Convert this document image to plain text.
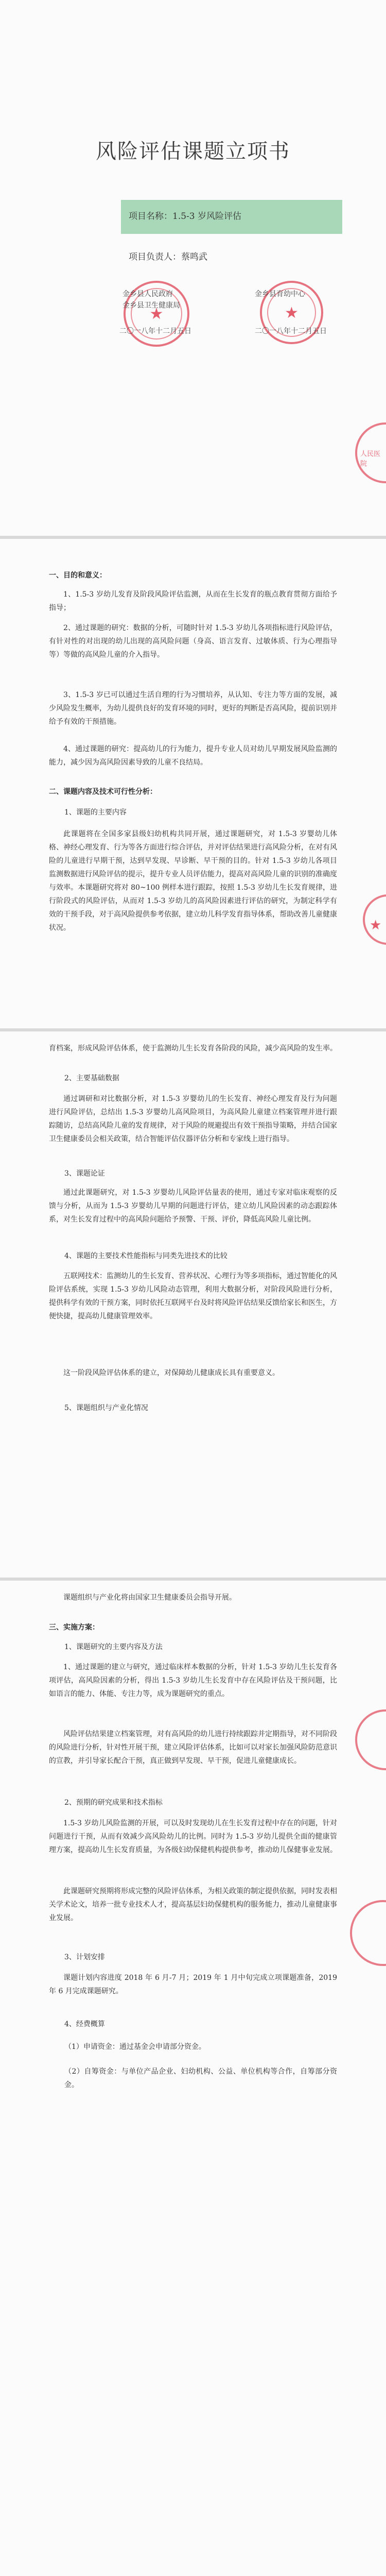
风险评估课题立项书
项目名称：1.5-3 岁风险评估
项目负责人：蔡鸣武
★
金乡县人民政府
金乡县卫生健康局
二〇一八年十二月五日
★
金乡县育幼中心
二〇一八年十二月五日
人民医院
一、目的和意义：

1、1.5-3 岁幼儿发育及阶段风险评估监测，从而在生长发育的瓶点教育贯彻方面给予指导；

2、通过课题的研究：数据的分析，可随时针对 1.5-3 岁幼儿各项指标进行风险评估，有针对性的对出现的幼儿出现的高风险问题（身高、语言发育、过敏体质、行为心理指导等）等做的高风险儿童的介入指导。

3、1.5-3 岁已可以通过生活自理的行为习惯培养，从认知、专注力等方面的发展，减少风险发生概率，为幼儿提供良好的发育环境的同时，更好的判断是否高风险，提前识别并给予有效的干预措施。

4、通过课题的研究：提高幼儿的行为能力，提升专业人员对幼儿早期发展风险监测的能力，减少因为高风险因素导致的儿童不良结局。

二、课题内容及技术可行性分析：
1、课题的主要内容

此课题将在全国多家县级妇幼机构共同开展，通过课题研究，对 1.5-3 岁婴幼儿体格、神经心理发育、行为等各方面进行综合评估，并对评估结果进行高风险分析，在对有风险的儿童进行早期干预，达到早发现、早诊断、早干预的目的。针对 1.5-3 岁幼儿各项目监测数据进行风险评估的提示，提升专业人员评估能力，提高对高风险儿童的识别的准确度与效率。本课题研究将对 80~100 例样本进行跟踪，按照 1.5-3 岁幼儿生长发育规律，进行阶段式的风险评估，从而对 1.5-3 岁幼儿的高风险因素进行评估的研究，为制定科学有效的干预手段，对于高风险提供参考依据，建立幼儿科学发育指导体系，帮助改善儿童健康状况。	★

育档案，形成风险评估体系，使于监测幼儿生长发育各阶段的风险，减少高风险的发生率。

2、主要基础数据

通过调研和对比数据分析，对 1.5-3 岁婴幼儿的生长发育、神经心理发育及行为问题进行风险评估，总结出 1.5-3 岁婴幼儿高风险项目，为高风险儿童建立档案管理并进行跟踪随访，总结高风险儿童的发育规律，对于风险的规避提出有效干预指导策略，并结合国家卫生健康委员会相关政策，结合智能评估仪器评估分析和专家线上进行指导。

3、课题论证

通过此课题研究，对 1.5-3 岁婴幼儿风险评估量表的使用，通过专家对临床观察的反馈与分析，从而为 1.5-3 岁婴幼儿早期的问题进行评估，建立幼儿风险因素的动态跟踪体系，对生长发育过程中的高风险问题给予预警、干预、评价，降低高风险儿童比例。

4、课题的主要技术性能指标与同类先进技术的比较

五联网技术：监测幼儿的生长发育、营养状况、心理行为等多项指标，通过智能化的风险评估系统，实现 1.5-3 岁幼儿风险动态管理，利用大数据分析，对阶段风险进行分析，提供科学有效的干预方案，同时依托互联网平台及时将风险评估结果反馈给家长和医生，方便快捷，提高幼儿健康管理效率。

这一阶段风险评估体系的建立，对保障幼儿健康成长具有重要意义。

5、课题组织与产业化情况

课题组织与产业化将由国家卫生健康委员会指导开展。

三、实施方案：
1、课题研究的主要内容及方法

1、通过课题的建立与研究，通过临床样本数据的分析，针对 1.5-3 岁幼儿生长发育各项评估，高风险因素的分析，得出 1.5-3 岁幼儿生长发育中存在风险评估及干预问题，比如语言的能力、体能、专注力等，成为课题研究的重点。

风险评估结果建立档案管理，对有高风险的幼儿进行持续跟踪并定期指导，对不同阶段的风险进行分析，针对性开展干预，建立风险评估体系，比如可以对家长加强风险防范意识的宣教，并引导家长配合干预，真正做到早发现、早干预，促进儿童健康成长。

2、预期的研究成果和技术指标

1.5-3 岁幼儿风险监测的开展，可以及时发现幼儿在生长发育过程中存在的问题，针对问题进行干预，从而有效减少高风险幼儿的比例。同时为 1.5-3 岁幼儿提供全面的健康管理方案，提高幼儿生长发育质量，为各级妇幼保健机构提供参考，推动幼儿保健事业发展。

此课题研究预期将形成完整的风险评估体系，为相关政策的制定提供依据，同时发表相关学术论文，培养一批专业技术人才，提高基层妇幼保健机构的服务能力，推动儿童健康事业发展。

3、计划安排

课题计划内容进度 2018 年 6 月-7 月；2019 年 1 月中旬完成立项课题准备，2019 年 6 月完成课题研究。

4、经费概算

（1）申请资金：通过基金会申请部分资金。

（2）自筹资金：与单位产品企业、妇幼机构、公益、单位机构等合作，自筹部分资金。
